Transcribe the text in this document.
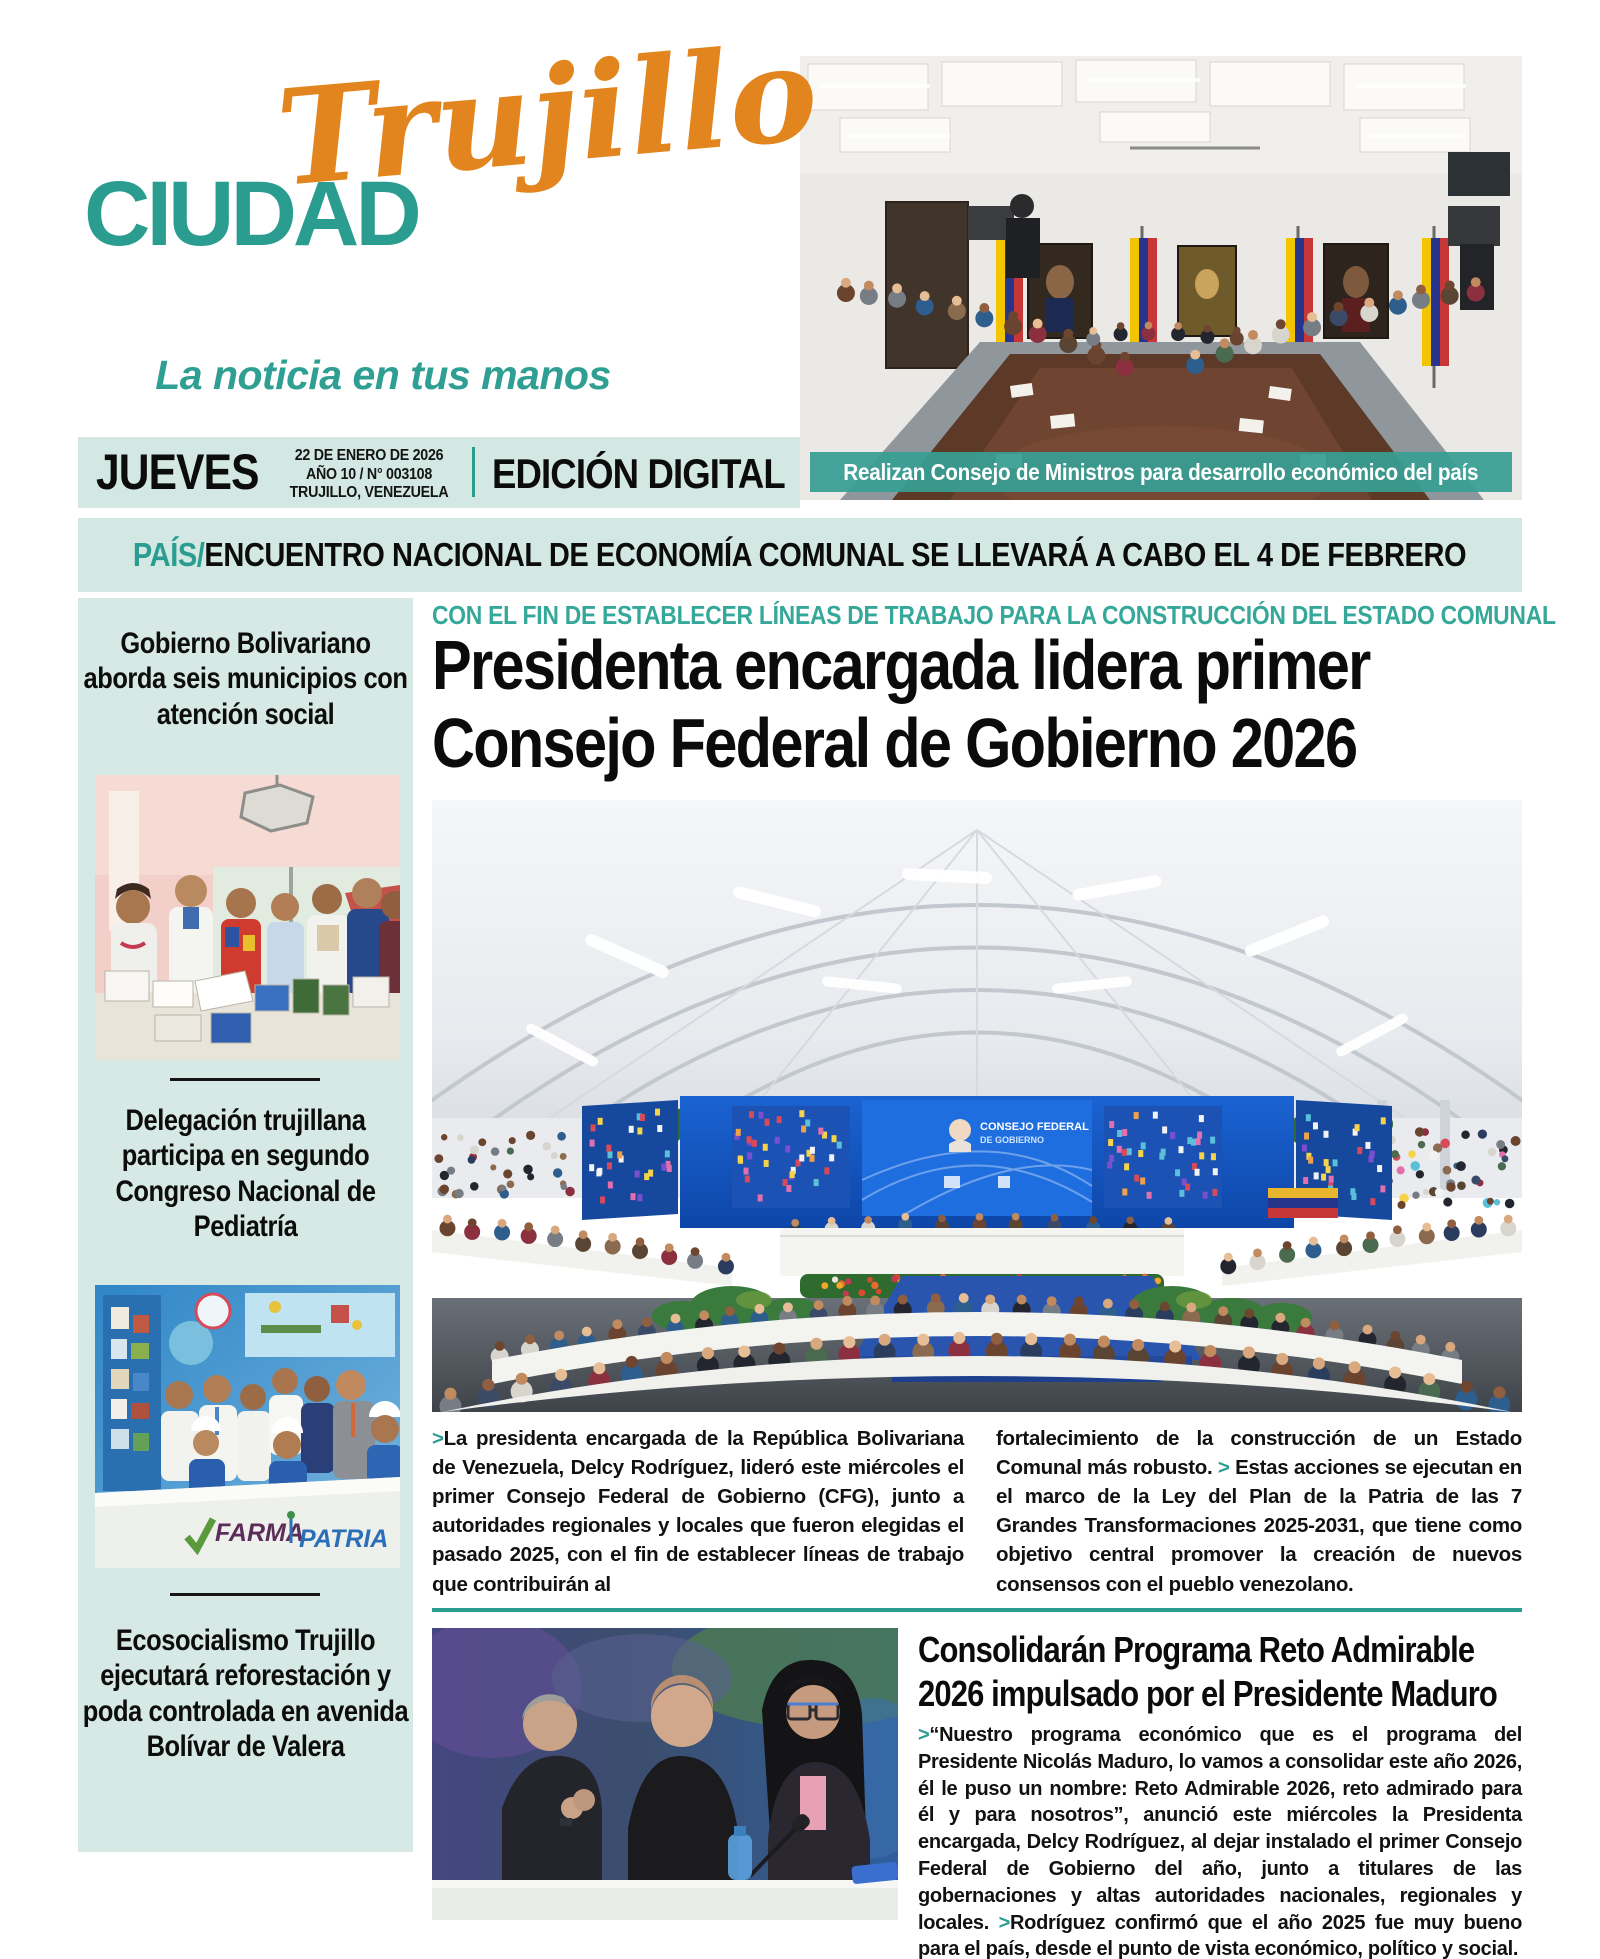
CIUDAD
Trujillo
La noticia en tus manos
Realizan Consejo de Ministros para desarrollo económico del país
JUEVES	22 DE ENERO DE 2026
AÑO 10 / N° 003108
TRUJILLO, VENEZUELA EDICIÓN DIGITAL
PAÍS/ENCUENTRO NACIONAL DE ECONOMÍA COMUNAL SE LLEVARÁ A CABO EL 4 DE FEBRERO
Gobierno Bolivariano aborda seis municipios con atención social
Delegación trujillana participa en segundo Congreso Nacional de Pediatría
FARMA
PATRIA
Ecosocialismo Trujillo ejecutará reforestación y poda controlada en avenida Bolívar de Valera
CON EL FIN DE ESTABLECER LÍNEAS DE TRABAJO PARA LA CONSTRUCCIÓN DEL ESTADO COMUNAL
Presidenta encargada lidera primer
Consejo Federal de Gobierno 2026
CONSEJO FEDERAL
DE GOBIERNO
>La presidenta encargada de la República Bolivariana de Venezuela, Delcy Rodríguez, lideró este miércoles el primer Consejo Federal de Gobierno (CFG), junto a autoridades regionales y locales que fueron elegidas el pasado 2025, con el fin de establecer líneas de trabajo que contribuirán al
fortalecimiento de la construcción de un Estado Comunal más robusto. > Estas acciones se ejecutan en el marco de la Ley del Plan de la Patria de las 7 Grandes Transformaciones 2025-2031, que tiene como objetivo central promover la creación de nuevos consensos con el pueblo venezolano.
Consolidarán Programa Reto Admirable
2026 impulsado por el Presidente Maduro
>“Nuestro programa económico que es el programa del Presidente Nicolás Maduro, lo vamos a consolidar este año 2026, él le puso un nombre: Reto Admirable 2026, reto admirado para él y para nosotros”, anunció este miércoles la Presidenta encargada, Delcy Rodríguez, al dejar instalado el primer Consejo Federal de Gobierno del año, junto a titulares de las gobernaciones y altas autoridades nacionales, regionales y locales. >Rodríguez confirmó que el año 2025 fue muy bueno para el país, desde el punto de vista económico, político y social.
